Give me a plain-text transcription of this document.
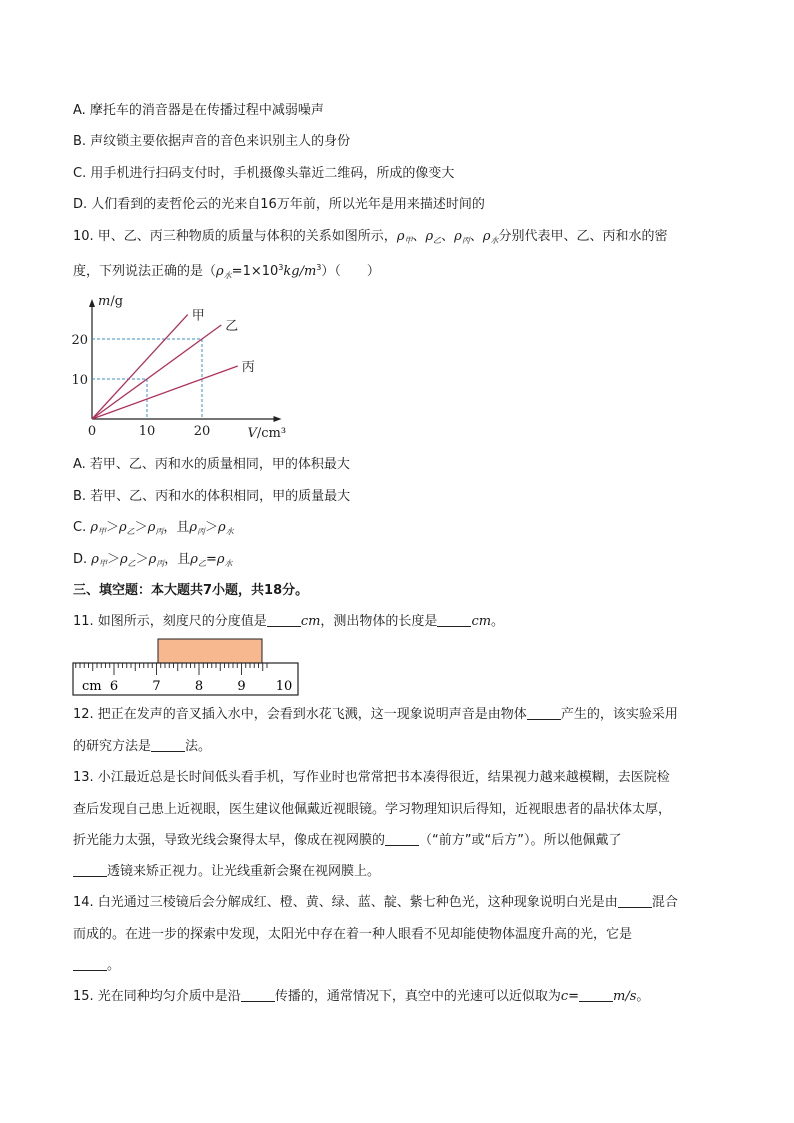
A. 摩托车的消音器是在传播过程中减弱噪声
B. 声纹锁主要依据声音的音色来识别主人的身份
C. 用手机进行扫码支付时，手机摄像头靠近二维码，所成的像变大
D. 人们看到的麦哲伦云的光来自16万年前，所以光年是用来描述时间的
10. 甲、乙、丙三种物质的质量与体积的关系如图所示，$\rho_甲$、$\rho_乙$、$\rho_丙$、$\rho_水$分别代表甲、乙、丙和水的密
度，下列说法正确的是$(\rho_水=1\times 10^3kg/m^3)$（　　）
甲
乙
丙
10	20
10
20
0
m/g
V/cm³
A. 若甲、乙、丙和水的质量相同，甲的体积最大
B. 若甲、乙、丙和水的体积相同，甲的质量最大
C. $\rho_甲>\rho_乙>\rho_丙$，且$\rho_丙>\rho_水$
D. $\rho_甲>\rho_乙>\rho_丙$，且$\rho_乙=\rho_水$
三、填空题：本大题共7小题，共18分。
11. 如图所示，刻度尺的分度值是	cm，测出物体的长度是	cm。
cm 6	7	8	9 10
12. 把正在发声的音叉插入水中，会看到水花飞溅，这一现象说明声音是由物体	产生的，该实验采用
的研究方法是	法。
13. 小江最近总是长时间低头看手机，写作业时也常常把书本凑得很近，结果视力越来越模糊，去医院检
查后发现自己患上近视眼，医生建议他佩戴近视眼镜。学习物理知识后得知，近视眼患者的晶状体太厚，
折光能力太强，导致光线会聚得太早，像成在视网膜的	（“前方”或“后方”）。所以他佩戴了
透镜来矫正视力。让光线重新会聚在视网膜上。
14. 白光通过三棱镜后会分解成红、橙、黄、绿、蓝、靛、紫七种色光，这种现象说明白光是由	混合
而成的。在进一步的探索中发现，太阳光中存在着一种人眼看不见却能使物体温度升高的光，它是
。
15. 光在同种均匀介质中是沿	传播的，通常情况下，真空中的光速可以近似取为c=	m/s。
